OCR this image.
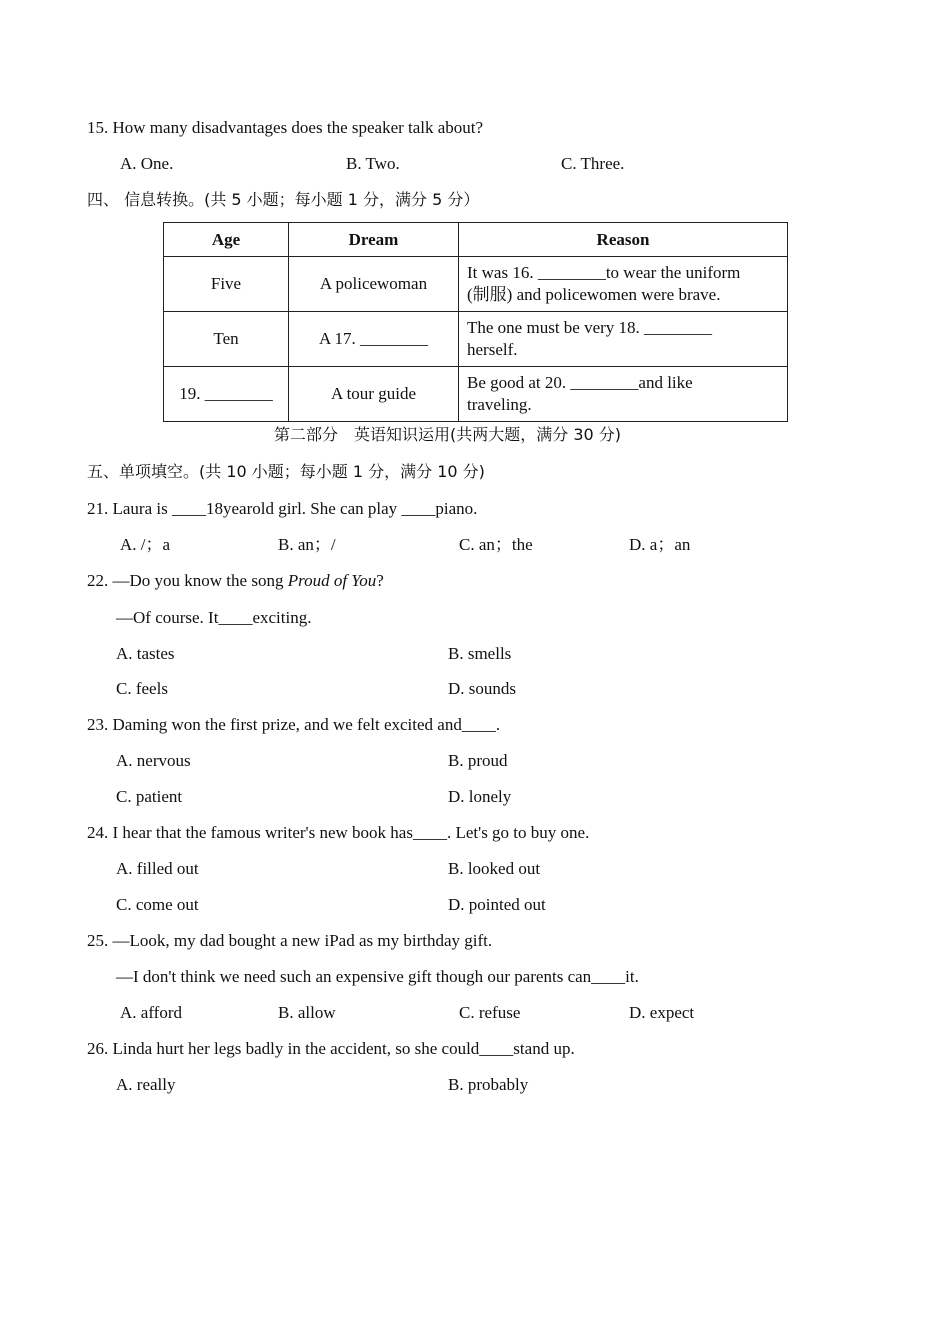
15. How many disadvantages does the speaker talk about?
A. One.	B. Two.	C. Three.
四、 信息转换。(共 5 小题；每小题 1 分，满分 5 分）
Age	Dream	Reason
Five	A policewoman	It was 16. ________to wear the uniform
(制服) and policewomen were brave.

Ten	A 17. ________	The one must be very 18. ________
herself.

19. ________	A tour guide	Be good at 20. ________and like
traveling.
第二部分　英语知识运用(共两大题，满分 30 分)
五、单项填空。(共 10 小题；每小题 1 分，满分 10 分)
21. Laura is ____18yearold girl. She can play ____piano.
A. /；a	B. an；/	C. an；the	D. a；an
22. —Do you know the song Proud of You?
—Of course. It____exciting.
A. tastes	B. smells
C. feels	D. sounds
23. Daming won the first prize, and we felt excited and____.
A. nervous	B. proud
C. patient	D. lonely
24. I hear that the famous writer's new book has____. Let's go to buy one.
A. filled out	B. looked out
C. come out	D. pointed out
25. —Look, my dad bought a new iPad as my birthday gift.
—I don't think we need such an expensive gift though our parents can____it.
A. afford	B. allow	C. refuse	D. expect
26. Linda hurt her legs badly in the accident, so she could____stand up.
A. really	B. probably
